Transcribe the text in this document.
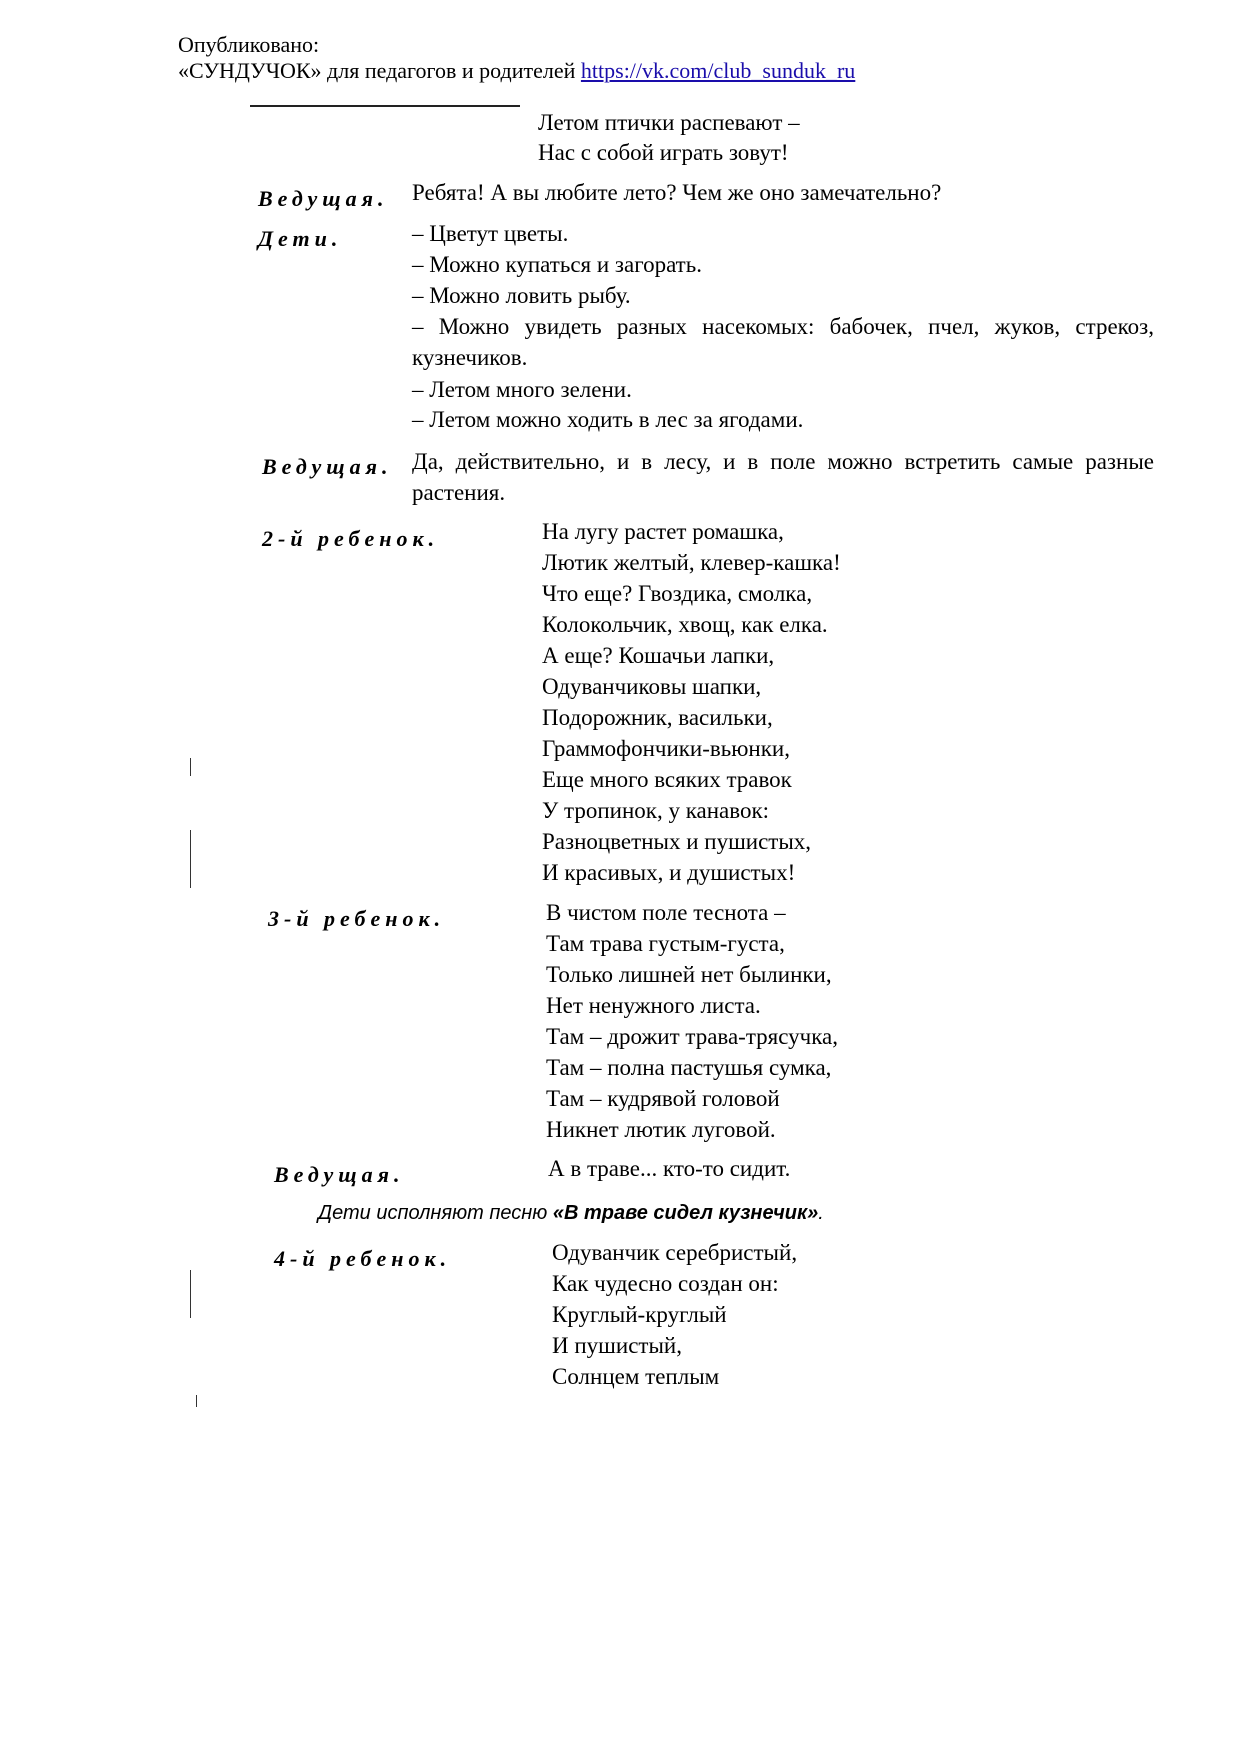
Опубликовано:
«СУНДУЧОК» для педагогов и родителей https://vk.com/club_sunduk_ru
Летом птички распевают –
Нас с собой играть зовут!
Ведущая. Ребята! А вы любите лето? Чем же оно замечательно?
Дети.	– Цветут цветы.
– Можно купаться и загорать.
– Можно ловить рыбу.
– Можно увидеть разных насекомых: бабочек, пчел, жуков, стрекоз, кузнечиков.
– Летом много зелени.
– Летом можно ходить в лес за ягодами.
Ведущая. Да, действительно, и в лесу, и в поле можно встретить самые разные растения.
2-й ребенок.	На лугу растет ромашка,
Лютик желтый, клевер-кашка!
Что еще? Гвоздика, смолка,
Колокольчик, хвощ, как елка.
А еще? Кошачьи лапки,
Одуванчиковы шапки,
Подорожник, васильки,
Граммофончики-вьюнки,
Еще много всяких травок
У тропинок, у канавок:
Разноцветных и пушистых,
И красивых, и душистых!
3-й ребенок.	В чистом поле теснота –
Там трава густым-густа,
Только лишней нет былинки,
Нет ненужного листа.
Там – дрожит трава-трясучка,
Там – полна пастушья сумка,
Там – кудрявой головой
Никнет лютик луговой.
Ведущая.	А в траве... кто-то сидит.
Дети исполняют песню «В траве сидел кузнечик».
4-й ребенок.	Одуванчик серебристый,
Как чудесно создан он:
Круглый-круглый
И пушистый,
Солнцем теплым
